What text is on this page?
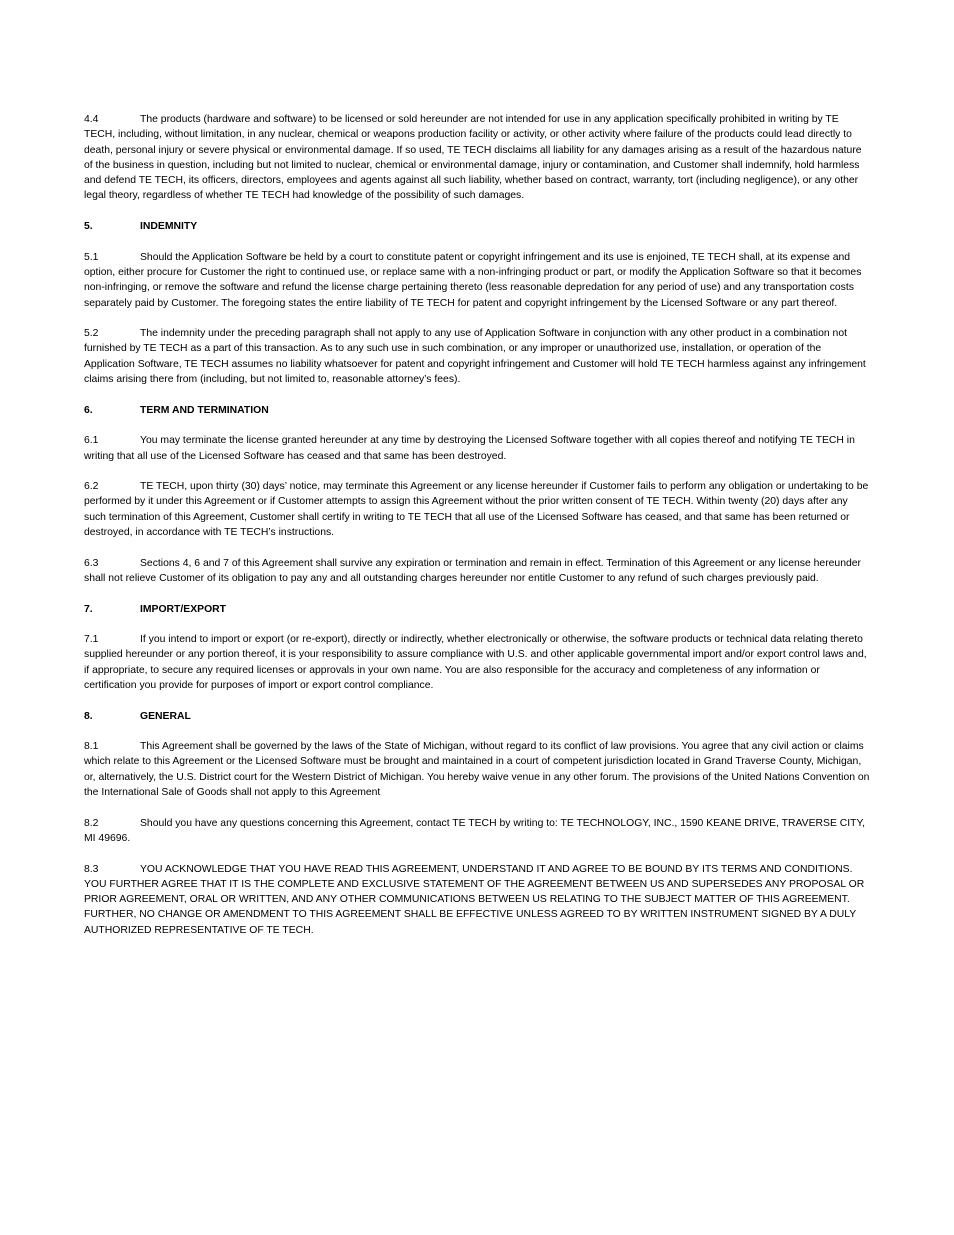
4.4	The products (hardware and software) to be licensed or sold hereunder are not intended for use in any application specifically prohibited in writing by TE TECH, including, without limitation, in any nuclear, chemical or weapons production facility or activity, or other activity where failure of the products could lead directly to death, personal injury or severe physical or environmental damage. If so used, TE TECH disclaims all liability for any damages arising as a result of the hazardous nature of the business in question, including but not limited to nuclear, chemical or environmental damage, injury or contamination, and Customer shall indemnify, hold harmless and defend TE TECH, its officers, directors, employees and agents against all such liability, whether based on contract, warranty, tort (including negligence), or any other legal theory, regardless of whether TE TECH had knowledge of the possibility of such damages.

5.	INDEMNITY

5.1	Should the Application Software be held by a court to constitute patent or copyright infringement and its use is enjoined, TE TECH shall, at its expense and option, either procure for Customer the right to continued use, or replace same with a non-infringing product or part, or modify the Application Software so that it becomes non-infringing, or remove the software and refund the license charge pertaining thereto (less reasonable depredation for any period of use) and any transportation costs separately paid by Customer. The foregoing states the entire liability of TE TECH for patent and copyright infringement by the Licensed Software or any part thereof.

5.2	The indemnity under the preceding paragraph shall not apply to any use of Application Software in conjunction with any other product in a combination not furnished by TE TECH as a part of this transaction. As to any such use in such combination, or any improper or unauthorized use, installation, or operation of the Application Software, TE TECH assumes no liability whatsoever for patent and copyright infringement and Customer will hold TE TECH harmless against any infringement claims arising there from (including, but not limited to, reasonable attorney’s fees).

6.	TERM AND TERMINATION

6.1	You may terminate the license granted hereunder at any time by destroying the Licensed Software together with all copies thereof and notifying TE TECH in writing that all use of the Licensed Software has ceased and that same has been destroyed.

6.2	TE TECH, upon thirty (30) days’ notice, may terminate this Agreement or any license hereunder if Customer fails to perform any obligation or undertaking to be performed by it under this Agreement or if Customer attempts to assign this Agreement without the prior written consent of TE TECH. Within twenty (20) days after any such termination of this Agreement, Customer shall certify in writing to TE TECH that all use of the Licensed Software has ceased, and that same has been returned or destroyed, in accordance with TE TECH’s instructions.

6.3	Sections 4, 6 and 7 of this Agreement shall survive any expiration or termination and remain in effect. Termination of this Agreement or any license hereunder shall not relieve Customer of its obligation to pay any and all outstanding charges hereunder nor entitle Customer to any refund of such charges previously paid.

7.	IMPORT/EXPORT

7.1	If you intend to import or export (or re-export), directly or indirectly, whether electronically or otherwise, the software products or technical data relating thereto supplied hereunder or any portion thereof, it is your responsibility to assure compliance with U.S. and other applicable governmental import and/or export control laws and, if appropriate, to secure any required licenses or approvals in your own name. You are also responsible for the accuracy and completeness of any information or certification you provide for purposes of import or export control compliance.

8.	GENERAL

8.1	This Agreement shall be governed by the laws of the State of Michigan, without regard to its conflict of law provisions. You agree that any civil action or claims which relate to this Agreement or the Licensed Software must be brought and maintained in a court of competent jurisdiction located in Grand Traverse County, Michigan, or, alternatively, the U.S. District court for the Western District of Michigan. You hereby waive venue in any other forum. The provisions of the United Nations Convention on the International Sale of Goods shall not apply to this Agreement

8.2	Should you have any questions concerning this Agreement, contact TE TECH by writing to: TE TECHNOLOGY, INC., 1590 KEANE DRIVE, TRAVERSE CITY, MI 49696.

8.3	YOU ACKNOWLEDGE THAT YOU HAVE READ THIS AGREEMENT, UNDERSTAND IT AND AGREE TO BE BOUND BY ITS TERMS AND CONDITIONS. YOU FURTHER AGREE THAT IT IS THE COMPLETE AND EXCLUSIVE STATEMENT OF THE AGREEMENT BETWEEN US AND SUPERSEDES ANY PROPOSAL OR PRIOR AGREEMENT, ORAL OR WRITTEN, AND ANY OTHER COMMUNICATIONS BETWEEN US RELATING TO THE SUBJECT MATTER OF THIS AGREEMENT. FURTHER, NO CHANGE OR AMENDMENT TO THIS AGREEMENT SHALL BE EFFECTIVE UNLESS AGREED TO BY WRITTEN INSTRUMENT SIGNED BY A DULY AUTHORIZED REPRESENTATIVE OF TE TECH.
